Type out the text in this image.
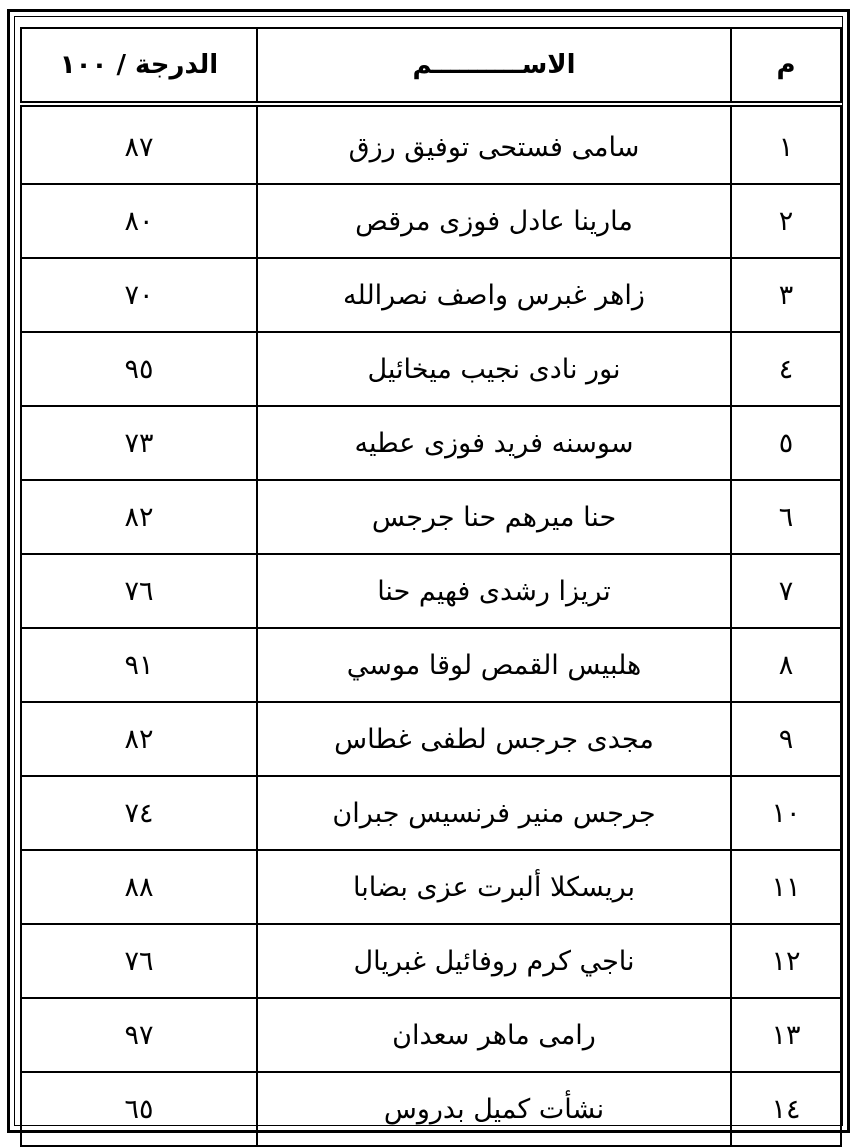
م	الاســــــــــم	الدرجة / ١٠٠
١	سامى فستحى توفيق رزق	٨٧
٢	مارينا عادل فوزى مرقص	٨٠
٣	زاهر غبرس واصف نصرالله	٧٠
٤	نور نادى نجيب ميخائيل	٩٥
٥	سوسنه فريد فوزى عطيه	٧٣
٦	حنا ميرهم حنا جرجس	٨٢
٧	تريزا رشدى فهيم حنا	٧٦
٨	هلبيس القمص لوقا موسي	٩١
٩	مجدى جرجس لطفى غطاس	٨٢
١٠	جرجس منير فرنسيس جبران	٧٤
١١	بريسكلا ألبرت عزى بضابا	٨٨
١٢	ناجي كرم روفائيل غبريال	٧٦
١٣	رامى ماهر سعدان	٩٧
١٤	نشأت كميل بدروس	٦٥
